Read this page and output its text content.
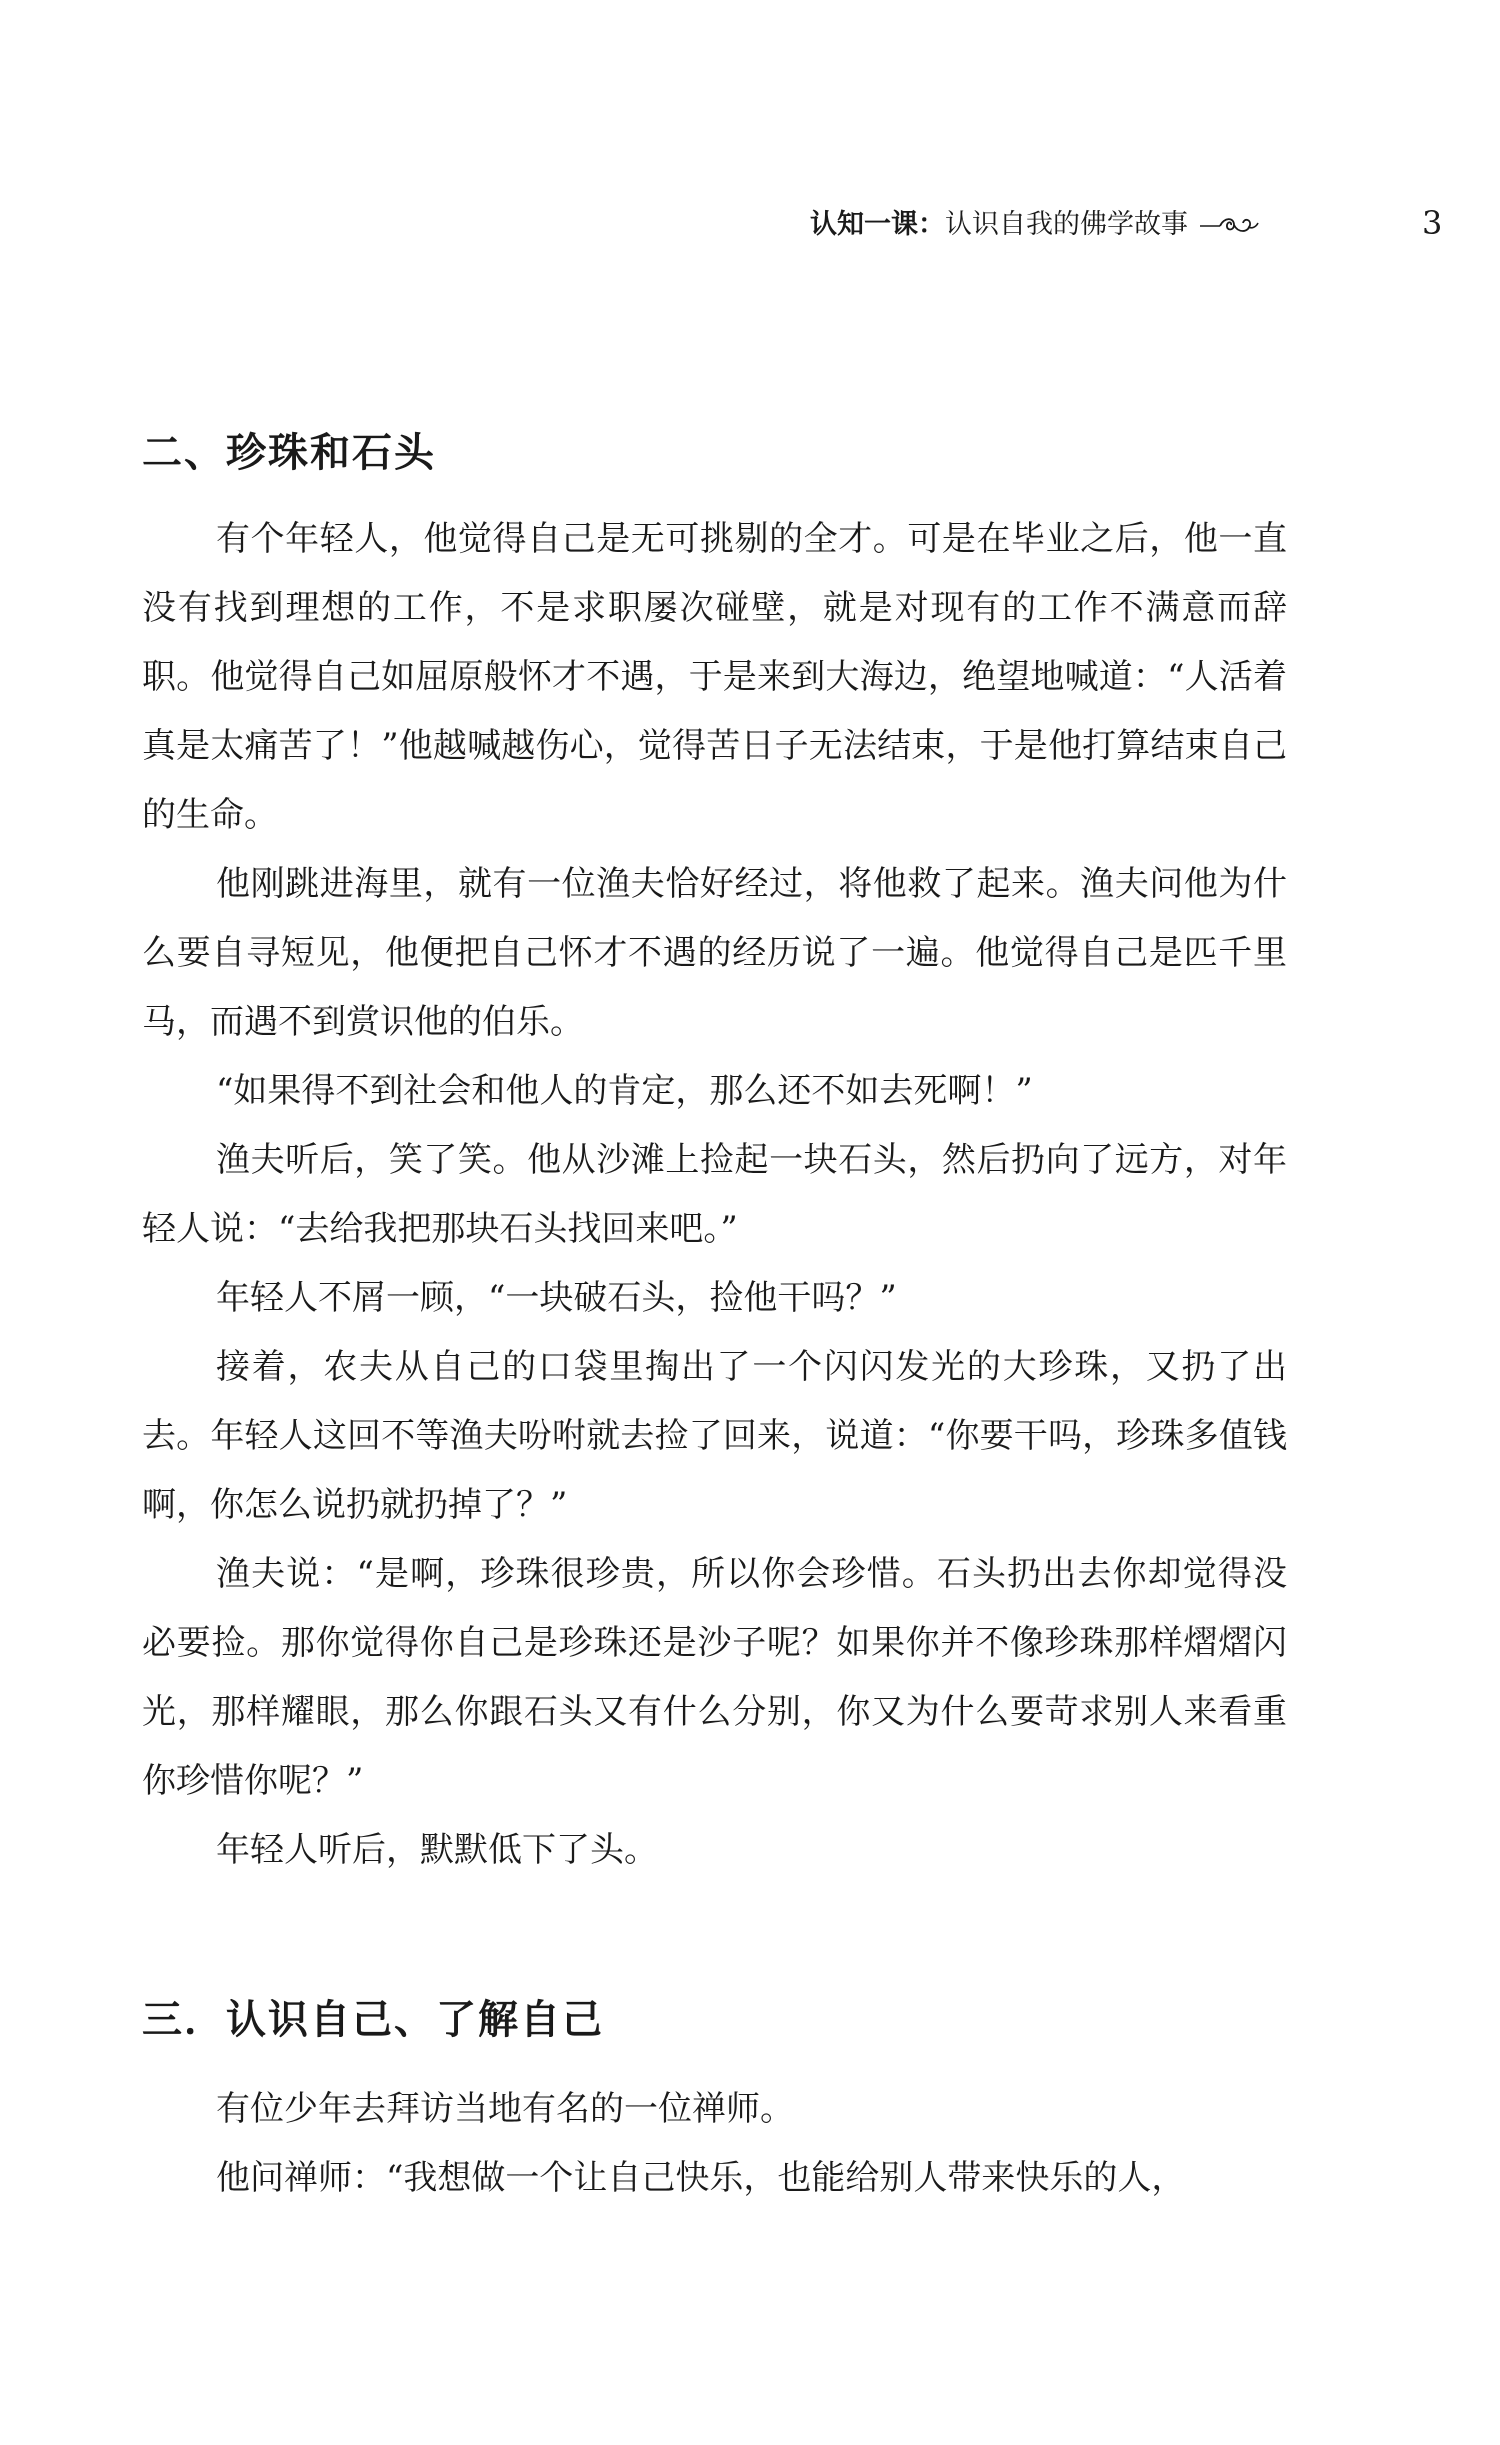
认知一课： 认识自我的佛学故事	3
二、珍珠和石头

有个年轻人，他觉得自己是无可挑剔的全才。可是在毕业之后，他一直没有找到理想的工作，不是求职屡次碰壁，就是对现有的工作不满意而辞职。他觉得自己如屈原般怀才不遇，于是来到大海边，绝望地喊道：“人活着真是太痛苦了！”他越喊越伤心，觉得苦日子无法结束，于是他打算结束自己的生命。

他刚跳进海里，就有一位渔夫恰好经过，将他救了起来。渔夫问他为什么要自寻短见，他便把自己怀才不遇的经历说了一遍。他觉得自己是匹千里马，而遇不到赏识他的伯乐。

“如果得不到社会和他人的肯定，那么还不如去死啊！”

渔夫听后，笑了笑。他从沙滩上捡起一块石头，然后扔向了远方，对年轻人说：“去给我把那块石头找回来吧。”

年轻人不屑一顾，“一块破石头，捡他干吗？”

接着，农夫从自己的口袋里掏出了一个闪闪发光的大珍珠，又扔了出去。年轻人这回不等渔夫吩咐就去捡了回来，说道：“你要干吗，珍珠多值钱啊，你怎么说扔就扔掉了？”

渔夫说：“是啊，珍珠很珍贵，所以你会珍惜。石头扔出去你却觉得没必要捡。那你觉得你自己是珍珠还是沙子呢？如果你并不像珍珠那样熠熠闪光，那样耀眼，那么你跟石头又有什么分别，你又为什么要苛求别人来看重你珍惜你呢？”

年轻人听后，默默低下了头。

三．认识自己、了解自己

有位少年去拜访当地有名的一位禅师。

他问禅师：“我想做一个让自己快乐，也能给别人带来快乐的人，
